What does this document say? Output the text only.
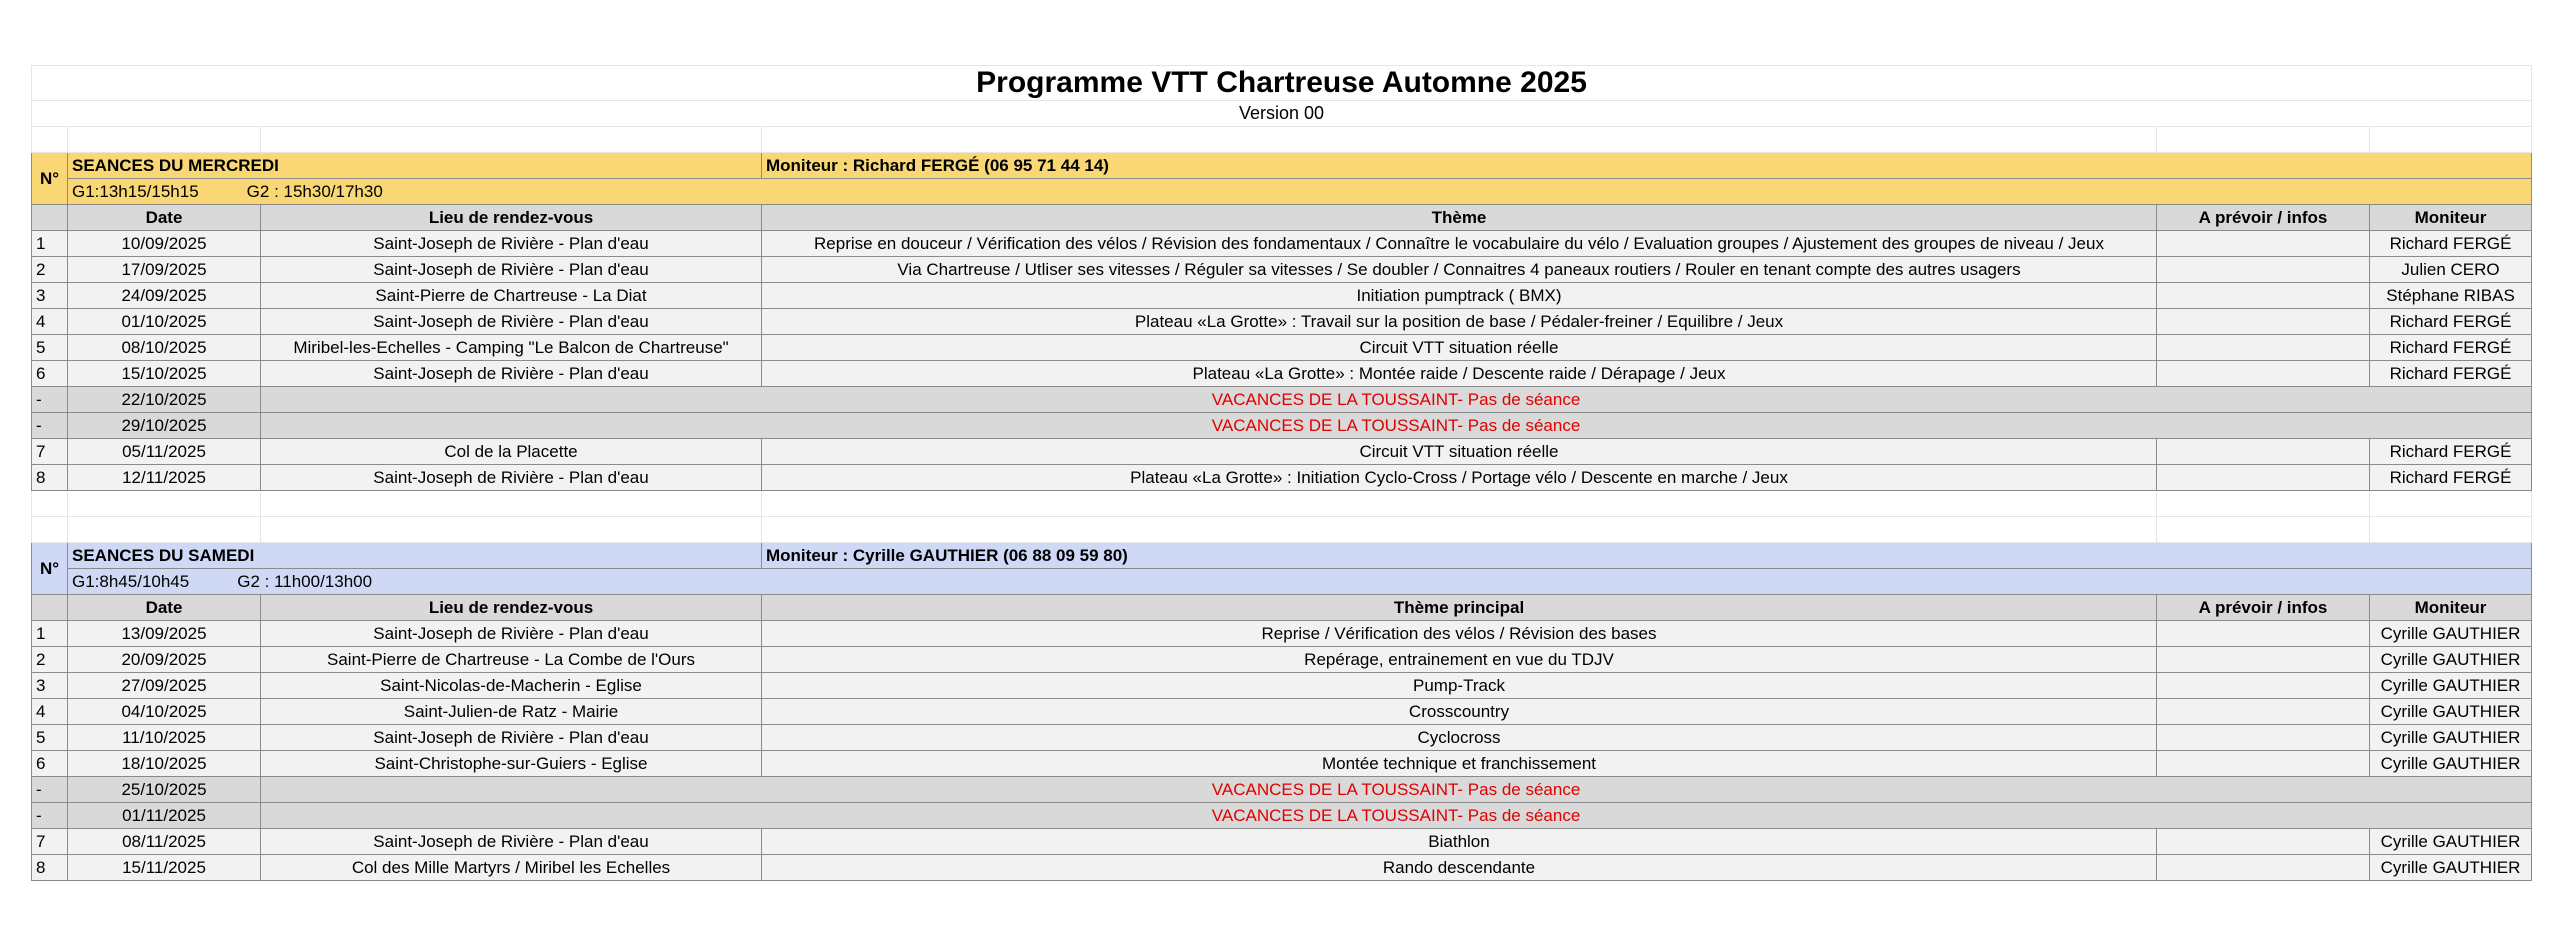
Programme VTT Chartreuse Automne 2025					
Version 00					

N°	SEANCES DU MERCREDI		Moniteur : Richard FERGÉ (06 95 71 44 14)		
	G1:13h15/15h15 G2 : 15h30/17h30				
	Date	Lieu de rendez-vous	Thème	A prévoir / infos	Moniteur
1	10/09/2025	Saint-Joseph de Rivière - Plan d'eau	Reprise en douceur / Vérification des vélos / Révision des fondamentaux / Connaître le vocabulaire du vélo / Evaluation groupes / Ajustement des groupes de niveau / Jeux		Richard FERGÉ
2	17/09/2025	Saint-Joseph de Rivière - Plan d'eau	Via Chartreuse / Utliser ses vitesses / Réguler sa vitesses / Se doubler / Connaitres 4 paneaux routiers / Rouler en tenant compte des autres usagers		Julien CERO
3	24/09/2025	Saint-Pierre de Chartreuse - La Diat	Initiation pumptrack ( BMX)		Stéphane RIBAS
4	01/10/2025	Saint-Joseph de Rivière - Plan d'eau	Plateau «La Grotte» : Travail sur la position de base / Pédaler-freiner / Equilibre / Jeux		Richard FERGÉ
5	08/10/2025	Miribel-les-Echelles - Camping "Le Balcon de Chartreuse"	Circuit VTT situation réelle		Richard FERGÉ
6	15/10/2025	Saint-Joseph de Rivière - Plan d'eau	Plateau «La Grotte» : Montée raide / Descente raide / Dérapage / Jeux		Richard FERGÉ
-	22/10/2025	VACANCES DE LA TOUSSAINT- Pas de séance			
-	29/10/2025	VACANCES DE LA TOUSSAINT- Pas de séance			
7	05/11/2025	Col de la Placette	Circuit VTT situation réelle		Richard FERGÉ
8	12/11/2025	Saint-Joseph de Rivière - Plan d'eau	Plateau «La Grotte» : Initiation Cyclo-Cross / Portage vélo / Descente en marche / Jeux		Richard FERGÉ

N°	SEANCES DU SAMEDI		Moniteur : Cyrille GAUTHIER (06 88 09 59 80)		
	G1:8h45/10h45 G2 : 11h00/13h00				
	Date	Lieu de rendez-vous	Thème principal	A prévoir / infos	Moniteur
1	13/09/2025	Saint-Joseph de Rivière - Plan d'eau	Reprise / Vérification des vélos / Révision des bases		Cyrille GAUTHIER
2	20/09/2025	Saint-Pierre de Chartreuse - La Combe de l'Ours	Repérage, entrainement en vue du TDJV		Cyrille GAUTHIER
3	27/09/2025	Saint-Nicolas-de-Macherin - Eglise	Pump-Track		Cyrille GAUTHIER
4	04/10/2025	Saint-Julien-de Ratz - Mairie	Crosscountry		Cyrille GAUTHIER
5	11/10/2025	Saint-Joseph de Rivière - Plan d'eau	Cyclocross		Cyrille GAUTHIER
6	18/10/2025	Saint-Christophe-sur-Guiers - Eglise	Montée technique et franchissement		Cyrille GAUTHIER
-	25/10/2025	VACANCES DE LA TOUSSAINT- Pas de séance			
-	01/11/2025	VACANCES DE LA TOUSSAINT- Pas de séance			
7	08/11/2025	Saint-Joseph de Rivière - Plan d'eau	Biathlon		Cyrille GAUTHIER
8	15/11/2025	Col des Mille Martyrs / Miribel les Echelles	Rando descendante		Cyrille GAUTHIER
